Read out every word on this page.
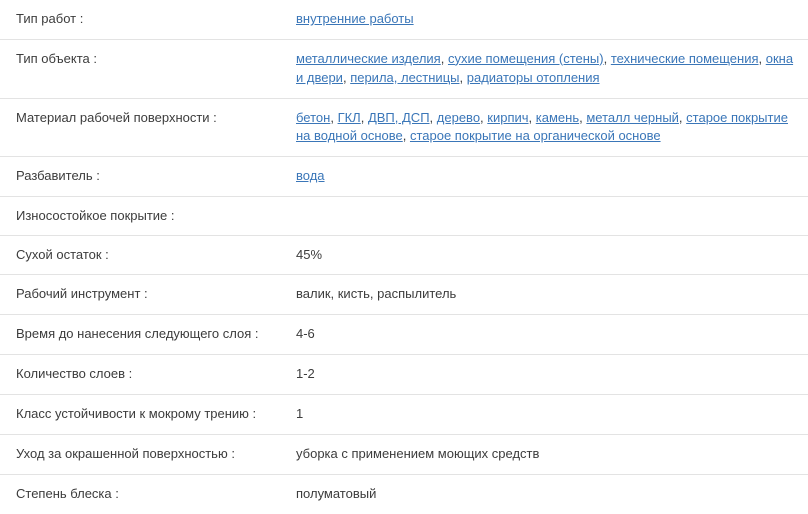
Тип работ :	внутренние работы
Тип объекта :	металлические изделия, сухие помещения (стены), технические помещения, окна и двери, перила, лестницы, радиаторы отопления
Материал рабочей поверхности :	бетон, ГКЛ, ДВП, ДСП, дерево, кирпич, камень, металл черный, старое покрытие на водной основе, старое покрытие на органической основе
Разбавитель :	вода
Износостойкое покрытие :	
Сухой остаток :	45%
Рабочий инструмент :	валик, кисть, распылитель
Время до нанесения следующего слоя :	4-6
Количество слоев :	1-2
Класс устойчивости к мокрому трению :	1
Уход за окрашенной поверхностью :	уборка с применением моющих средств
Степень блеска :	полуматовый
